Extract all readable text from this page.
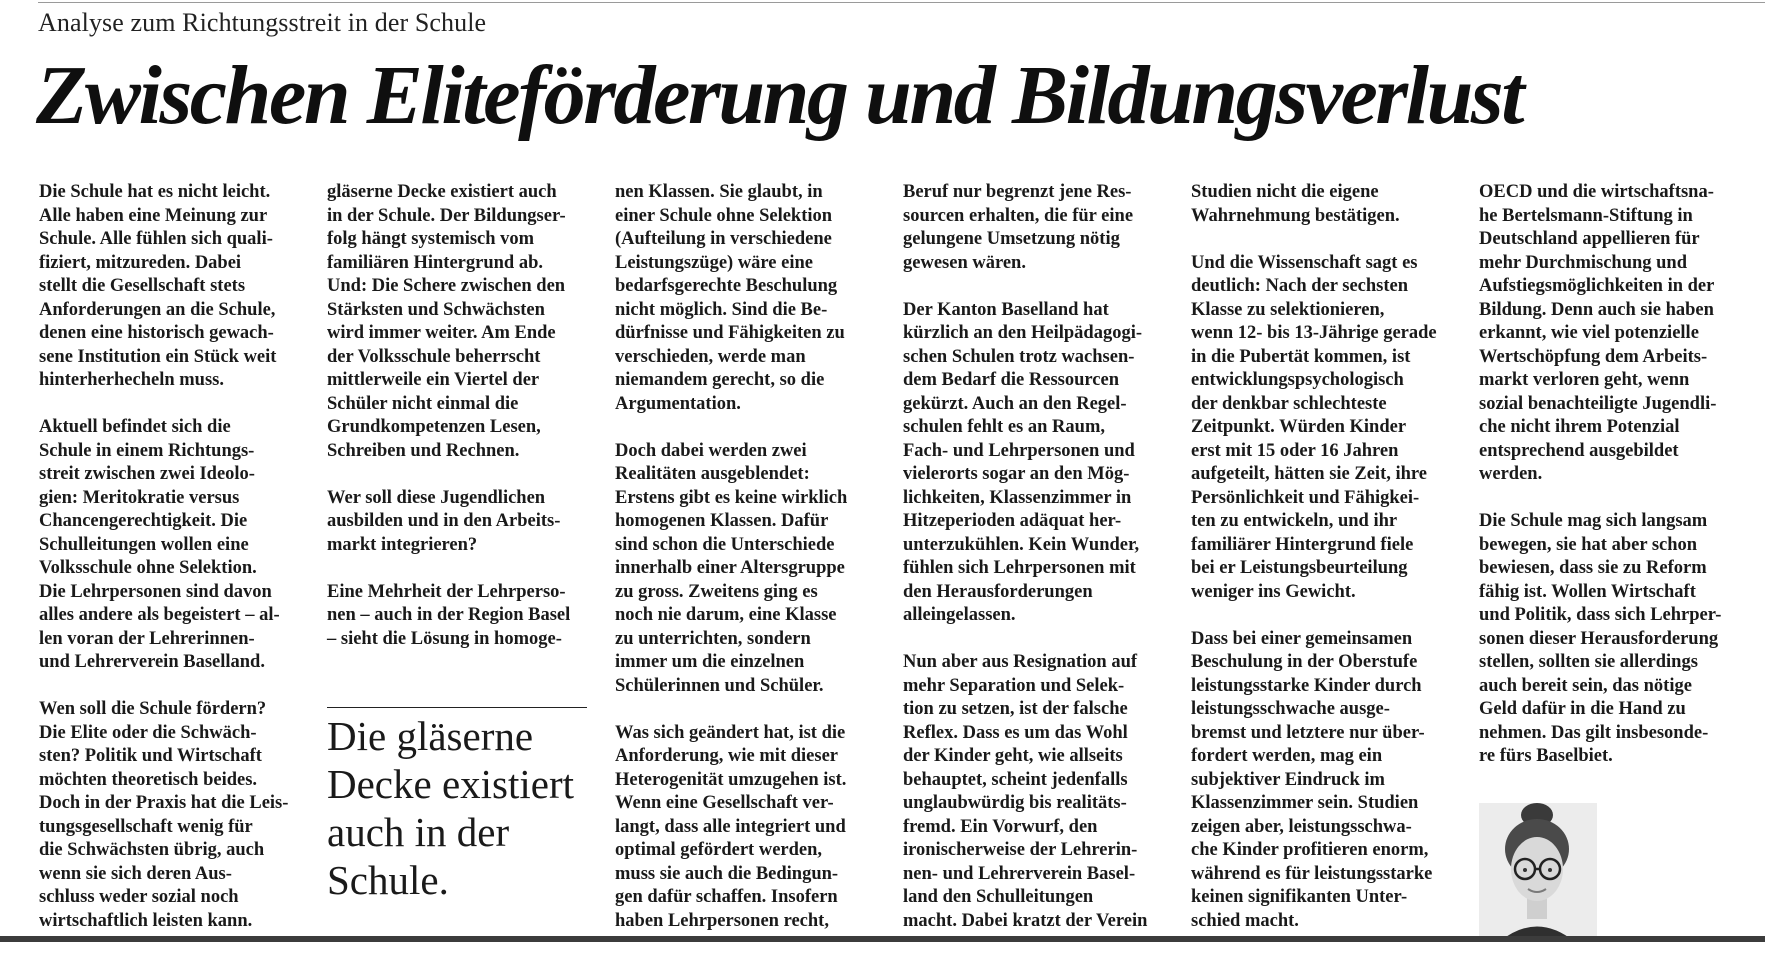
Analyse zum Richtungsstreit in der Schule
Zwischen Eliteförderung und Bildungsverlust

Die Schule hat es nicht leicht.
Alle haben eine Meinung zur
Schule. Alle fühlen sich quali-
fiziert, mitzureden. Dabei
stellt die Gesellschaft stets
Anforderungen an die Schule,
denen eine historisch gewach-
sene Institution ein Stück weit
hinterherhecheln muss.

Aktuell befindet sich die
Schule in einem Richtungs-
streit zwischen zwei Ideolo-
gien: Meritokratie versus
Chancengerechtigkeit. Die
Schulleitungen wollen eine
Volksschule ohne Selektion.
Die Lehrpersonen sind davon
alles andere als begeistert – al-
len voran der Lehrerinnen-
und Lehrerverein Baselland.

Wen soll die Schule fördern?
Die Elite oder die Schwäch-
sten? Politik und Wirtschaft
möchten theoretisch beides.
Doch in der Praxis hat die Leis-
tungsgesellschaft wenig für
die Schwächsten übrig, auch
wenn sie sich deren Aus-
schluss weder sozial noch
wirtschaftlich leisten kann.

gläserne Decke existiert auch
in der Schule. Der Bildungser-
folg hängt systemisch vom
familiären Hintergrund ab.
Und: Die Schere zwischen den
Stärksten und Schwächsten
wird immer weiter. Am Ende
der Volksschule beherrscht
mittlerweile ein Viertel der
Schüler nicht einmal die
Grundkompetenzen Lesen,
Schreiben und Rechnen.

Wer soll diese Jugendlichen
ausbilden und in den Arbeits-
markt integrieren?

Eine Mehrheit der Lehrperso-
nen – auch in der Region Basel
– sieht die Lösung in homoge-

Die gläserne
Decke existiert
auch in der
Schule.

nen Klassen. Sie glaubt, in
einer Schule ohne Selektion
(Aufteilung in verschiedene
Leistungszüge) wäre eine
bedarfsgerechte Beschulung
nicht möglich. Sind die Be-
dürfnisse und Fähigkeiten zu
verschieden, werde man
niemandem gerecht, so die
Argumentation.

Doch dabei werden zwei
Realitäten ausgeblendet:
Erstens gibt es keine wirklich
homogenen Klassen. Dafür
sind schon die Unterschiede
innerhalb einer Altersgruppe
zu gross. Zweitens ging es
noch nie darum, eine Klasse
zu unterrichten, sondern
immer um die einzelnen
Schülerinnen und Schüler.

Was sich geändert hat, ist die
Anforderung, wie mit dieser
Heterogenität umzugehen ist.
Wenn eine Gesellschaft ver-
langt, dass alle integriert und
optimal gefördert werden,
muss sie auch die Bedingun-
gen dafür schaffen. Insofern
haben Lehrpersonen recht,

Beruf nur begrenzt jene Res-
sourcen erhalten, die für eine
gelungene Umsetzung nötig
gewesen wären.

Der Kanton Baselland hat
kürzlich an den Heilpädagogi-
schen Schulen trotz wachsen-
dem Bedarf die Ressourcen
gekürzt. Auch an den Regel-
schulen fehlt es an Raum,
Fach- und Lehrpersonen und
vielerorts sogar an den Mög-
lichkeiten, Klassenzimmer in
Hitzeperioden adäquat her-
unterzukühlen. Kein Wunder,
fühlen sich Lehrpersonen mit
den Herausforderungen
alleingelassen.

Nun aber aus Resignation auf
mehr Separation und Selek-
tion zu setzen, ist der falsche
Reflex. Dass es um das Wohl
der Kinder geht, wie allseits
behauptet, scheint jedenfalls
unglaubwürdig bis realitäts-
fremd. Ein Vorwurf, den
ironischerweise der Lehrerin-
nen- und Lehrerverein Basel-
land den Schulleitungen
macht. Dabei kratzt der Verein

Studien nicht die eigene
Wahrnehmung bestätigen.

Und die Wissenschaft sagt es
deutlich: Nach der sechsten
Klasse zu selektionieren,
wenn 12- bis 13-Jährige gerade
in die Pubertät kommen, ist
entwicklungspsychologisch
der denkbar schlechteste
Zeitpunkt. Würden Kinder
erst mit 15 oder 16 Jahren
aufgeteilt, hätten sie Zeit, ihre
Persönlichkeit und Fähigkei-
ten zu entwickeln, und ihr
familiärer Hintergrund fiele
bei er Leistungsbeurteilung
weniger ins Gewicht.

Dass bei einer gemeinsamen
Beschulung in der Oberstufe
leistungsstarke Kinder durch
leistungsschwache ausge-
bremst und letztere nur über-
fordert werden, mag ein
subjektiver Eindruck im
Klassenzimmer sein. Studien
zeigen aber, leistungsschwa-
che Kinder profitieren enorm,
während es für leistungsstarke
keinen signifikanten Unter-
schied macht.

OECD und die wirtschaftsna-
he Bertelsmann-Stiftung in
Deutschland appellieren für
mehr Durchmischung und
Aufstiegsmöglichkeiten in der
Bildung. Denn auch sie haben
erkannt, wie viel potenzielle
Wertschöpfung dem Arbeits-
markt verloren geht, wenn
sozial benachteiligte Jugendli-
che nicht ihrem Potenzial
entsprechend ausgebildet
werden.

Die Schule mag sich langsam
bewegen, sie hat aber schon
bewiesen, dass sie zu Reform
fähig ist. Wollen Wirtschaft
und Politik, dass sich Lehrper-
sonen dieser Herausforderung
stellen, sollten sie allerdings
auch bereit sein, das nötige
Geld dafür in die Hand zu
nehmen. Das gilt insbesonde-
re fürs Baselbiet.
